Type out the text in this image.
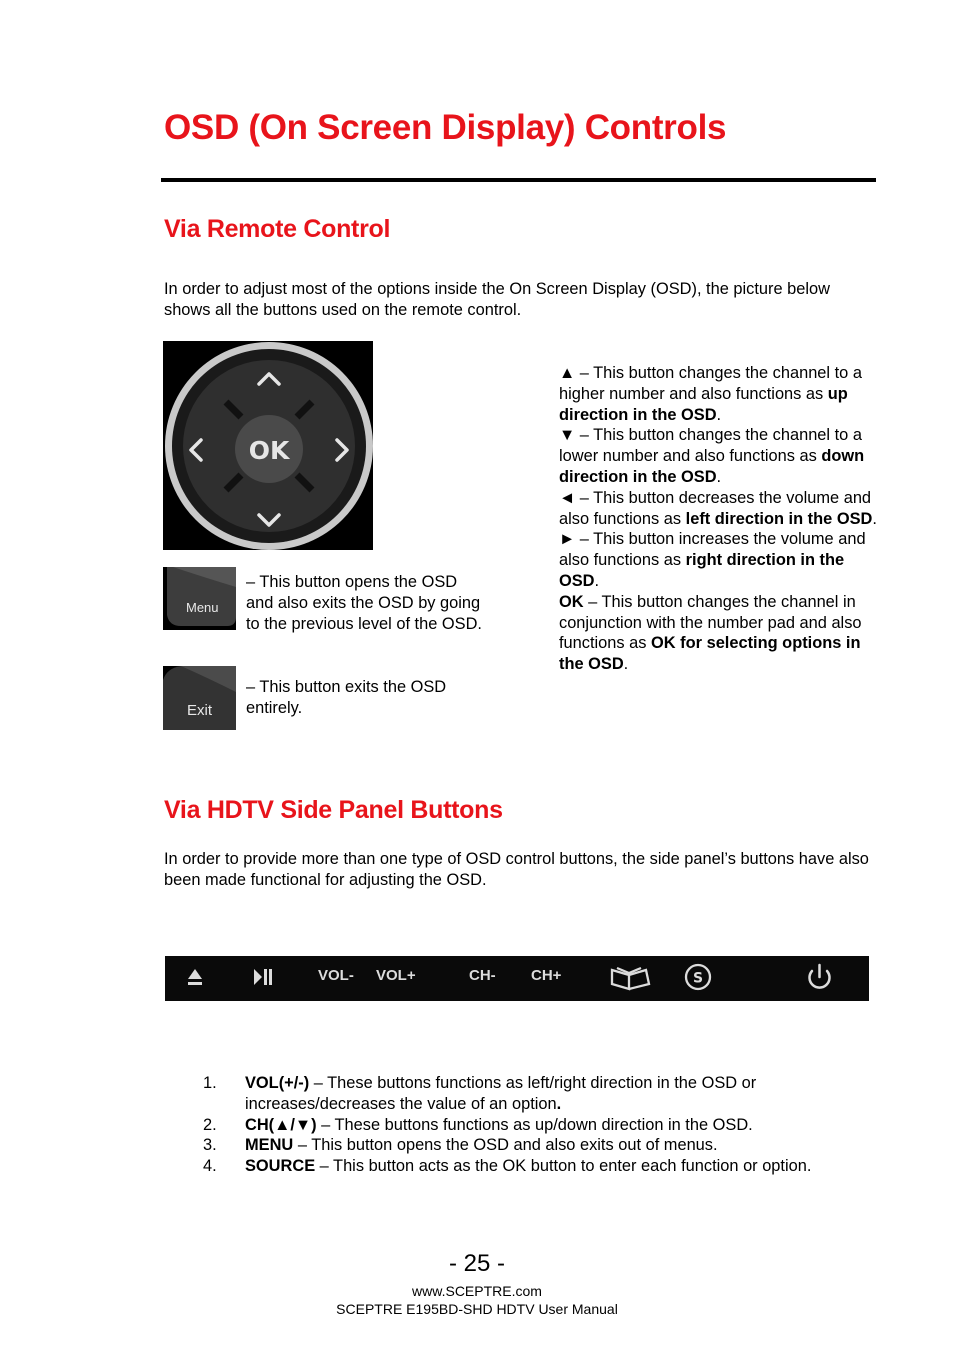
OSD (On Screen Display) Controls
Via Remote Control
In order to adjust most of the options inside the On Screen Display (OSD), the picture below shows all the buttons used on the remote control.
OK
Menu
– This button opens the OSD and also exits the OSD by going to the previous level of the OSD.
Exit
– This button exits the OSD entirely.

▲ – This button changes the channel to a higher number and also functions as up direction in the OSD.

▼ – This button changes the channel to a lower number and also functions as down direction in the OSD.

◄ – This button decreases the volume and also functions as left direction in the OSD.

► – This button increases the volume and also functions as right direction in the OSD.

OK – This button changes the channel in conjunction with the number pad and also functions as OK for selecting options in the OSD.

Via HDTV Side Panel Buttons
In order to provide more than one type of OSD control buttons, the side panel’s buttons have also been made functional for adjusting the OSD.
S
VOL- VOL+	CH- CH+
1.	VOL(+/-) – These buttons functions as left/right direction in the OSD or increases/decreases the value of an option.
2.	CH(▲/▼) – These buttons functions as up/down direction in the OSD.
3.	MENU – This button opens the OSD and also exits out of menus.
4.	SOURCE – This button acts as the OK button to enter each function or option.
- 25 -
www.SCEPTRE.com
SCEPTRE E195BD-SHD HDTV User Manual
